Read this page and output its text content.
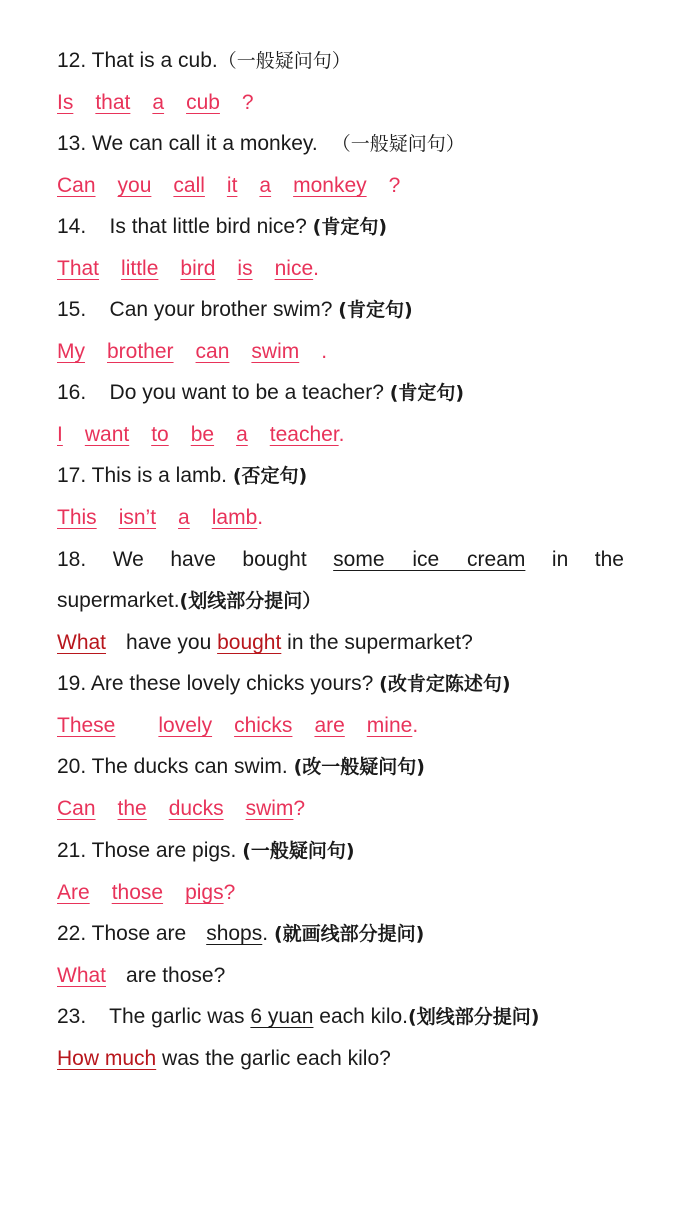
12. That is a cub.（一般疑问句）
Is that a cub ?
13. We can call it a monkey. （一般疑问句）
Can you call it a monkey ?
14.    Is that little bird nice? (肯定句)
That little bird is nice.
15.    Can your brother swim? (肯定句)
My brother can swim .
16.    Do you want to be a teacher? (肯定句)
I want to be a teacher.
17. This is a lamb. (否定句)
This isn’t a lamb.
18. We have bought some ice cream in the
supermarket.(划线部分提问）
What have you bought in the supermarket?
19. Are these lovely chicks yours? (改肯定陈述句)
These lovely chicks are mine.
20. The ducks can swim. (改一般疑问句)
Can the ducks swim?
21. Those are pigs. (一般疑问句)
Are those pigs?
22. Those are shops. (就画线部分提问)
What are those?
23.    The garlic was 6 yuan each kilo.(划线部分提问)
How much was the garlic each kilo?
